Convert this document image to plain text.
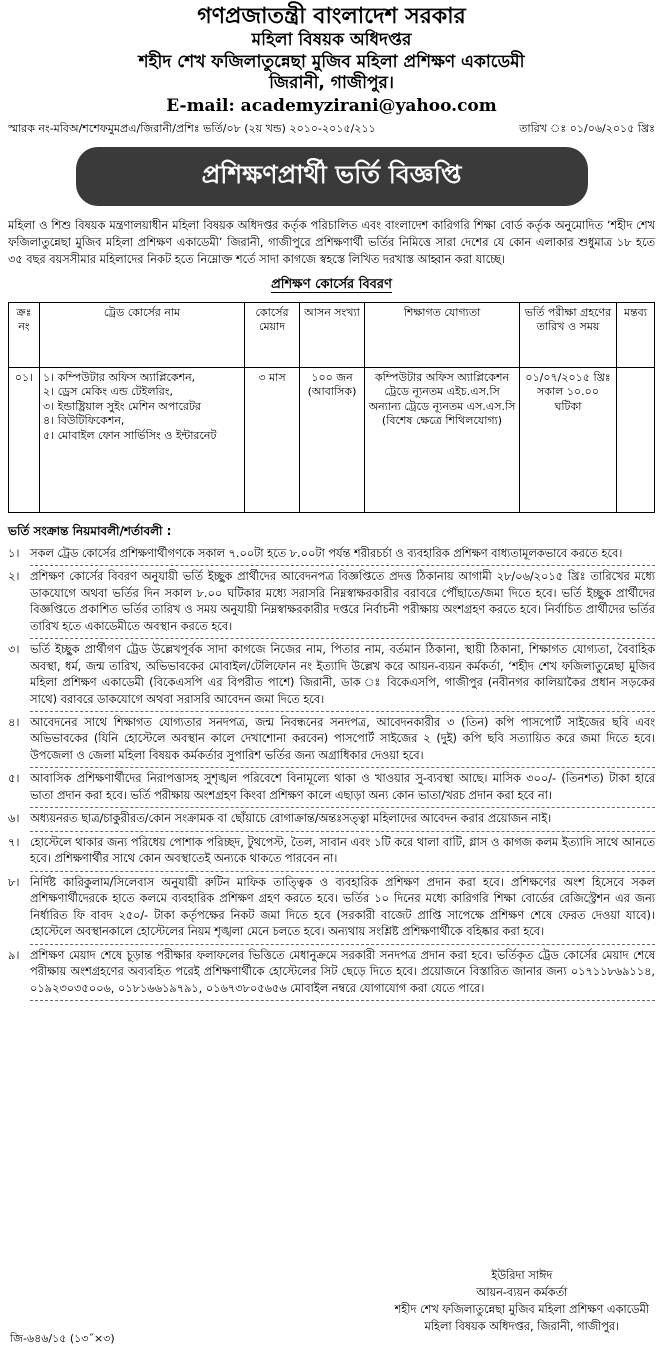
গণপ্রজাতন্ত্রী বাংলাদেশ সরকার
মহিলা বিষয়ক অধিদপ্তর
শহীদ শেখ ফজিলাতুন্নেছা মুজিব মহিলা প্রশিক্ষণ একাডেমী
জিরানী, গাজীপুর।
E-mail: academyzirani@yahoo.com
স্মারক নং-মবিঅ/শশেফমুমপ্রএ/জিরানী/প্রশিঃ ভর্তি/০৮ (২য় খন্ড) ২০১০-২০১৫/২১১	তারিখ ঃ ০১/০৬/২০১৫ খ্রিঃ
প্রশিক্ষণপ্রার্থী ভর্তি বিজ্ঞপ্তি
মহিলা ও শিশু বিষয়ক মন্ত্রণালয়াধীন মহিলা বিষয়ক অধিদপ্তর কর্তৃক পরিচালিত এবং বাংলাদেশ কারিগরি শিক্ষা বোর্ড কর্তৃক অনুমোদিত ‘শহীদ শেখ ফজিলাতুন্নেছা মুজিব মহিলা প্রশিক্ষণ একাডেমী’ জিরানী, গাজীপুরে প্রশিক্ষণার্থী ভর্তির নিমিত্তে সারা দেশের যে কোন এলাকার শুধুমাত্র ১৮ হতে ৩৫ বছর বয়সসীমার মহিলাদের নিকট হতে নিম্নোক্ত শর্তে সাদা কাগজে স্বহস্তে লিখিত দরখাস্ত আহ্বান করা যাচ্ছে।
প্রশিক্ষণ কোর্সের বিবরণ
ক্রঃ নং	ট্রেড কোর্সের নাম	কোর্সের মেয়াদ	আসন সংখ্যা	শিক্ষাগত যোগ্যতা	ভর্তি পরীক্ষা গ্রহণের তারিখ ও সময়	মন্তব্য
০১।	১। কম্পিউটার অফিস অ্যাপ্লিকেশন,
২। ড্রেস মেকিং এন্ড টেইলরিং,
৩। ইন্ডাষ্ট্রিয়াল সুইং মেশিন অপারেটর
৪। বিউটিফিকেশন,
৫। মোবাইল ফোন সার্ভিসিং ও ইন্টারনেট	৩ মাস	১০০ জন (আবাসিক)	কম্পিউটার অফিস অ্যাপ্লিকেশন ট্রেডে ন্যূনতম এইচ.এস.সি অন্যান্য ট্রেডে ন্যূনতম এস.এস.সি (বিশেষ ক্ষেত্রে শিথিলযোগ্য)	০১/০৭/২০১৫ খ্রিঃ সকাল ১০.০০ ঘটিকা	
ভর্তি সংক্রান্ত নিয়মাবলী/শর্তাবলী :
১। সকল ট্রেড কোর্সের প্রশিক্ষণার্থীগণকে সকাল ৭.০০টা হতে ৮.০০টা পর্যন্ত শরীরচর্চা ও ব্যবহারিক প্রশিক্ষণ বাধ্যতামূলকভাবে করতে হবে।
২। প্রশিক্ষণ কোর্সের বিবরণ অনুযায়ী ভর্তি ইচ্ছুক প্রার্থীদের আবেদনপত্র বিজ্ঞপ্তিতে প্রদত্ত ঠিকানায় আগামী ২৮/০৬/২০১৫ খ্রিঃ তারিখের মধ্যে ডাকযোগে অথবা ভর্তির দিন সকাল ৮.০০ ঘটিকার মধ্যে সরাসরি নিম্নস্বাক্ষরকারীর বরাবরে পৌঁছাতে/জমা দিতে হবে। ভর্তি ইচ্ছুক প্রার্থীদের বিজ্ঞপ্তিতে প্রকাশিত ভর্তির তারিখ ও সময় অনুযায়ী নিম্নস্বাক্ষরকারীর দপ্তরে নির্বাচনী পরীক্ষায় অংশগ্রহণ করতে হবে। নির্বাচিত প্রার্থীদের ভর্তির তারিখ হতে একাডেমীতে অবস্থান করতে হবে।
৩। ভর্তি ইচ্ছুক প্রার্থীগণ ট্রেড উল্লেখপূর্বক সাদা কাগজে নিজের নাম, পিতার নাম, বর্তমান ঠিকানা, স্থায়ী ঠিকানা, শিক্ষাগত যোগ্যতা, বৈবাহিক অবস্থা, ধর্ম, জন্ম তারিখ, অভিভাবকের মোবাইল/টেলিফোন নং ইত্যাদি উল্লেখ করে আয়ন-ব্যয়ন কর্মকর্তা, ‘শহীদ শেখ ফজিলাতুন্নেছা মুজিব মহিলা প্রশিক্ষণ একাডেমী (বিকেএসপি এর বিপরীত পাশে) জিরানী, ডাক ঃ বিকেএসপি, গাজীপুর (নবীনগর কালিয়াকৈর প্রধান সড়কের সাথে) বরাবরে ডাকযোগে অথবা সরাসরি আবেদন জমা দিতে হবে।
৪। আবেদনের সাথে শিক্ষাগত যোগ্যতার সনদপত্র, জন্ম নিবন্ধনের সনদপত্র, আবেদনকারীর ৩ (তিন) কপি পাসপোর্ট সাইজের ছবি এবং অভিভাবকের (যিনি হোস্টেলে অবস্থান কালে দেখাশোনা করবেন) পাসপোর্ট সাইজের ২ (দুই) কপি ছবি সত্যায়িত করে জমা দিতে হবে। উপজেলা ও জেলা মহিলা বিষয়ক কর্মকর্তার সুপারিশ ভর্তির জন্য অগ্রাধিকার দেওয়া হবে।
৫। আবাসিক প্রশিক্ষণার্থীদের নিরাপত্তাসহ সুশৃঙ্খল পরিবেশে বিনামূল্যে থাকা ও খাওয়ার সু-ব্যবস্থা আছে। মাসিক ৩০০/- (তিনশত) টাকা হারে ভাতা প্রদান করা হবে। ভর্তি পরীক্ষায় অংশগ্রহণ কিংবা প্রশিক্ষণ কালে এছাড়া অন্য কোন ভাতা/খরচ প্রদান করা হবে না।
৬। অধ্যয়নরত ছাত্র/চাকুরীরত/কোন সংক্রামক বা ছোঁয়াচে রোগাক্রান্ত/অন্তঃসত্ত্বা মহিলাদের আবেদন করার প্রয়োজন নাই।
৭। হোস্টেলে থাকার জন্য পরিধেয় পোশাক পরিচ্ছদ, টুথপেস্ট, তৈল, সাবান এবং ১টি করে থালা বাটি, গ্লাস ও কাগজ কলম ইত্যাদি সাথে আনতে হবে। প্রশিক্ষণার্থীর সাথে কোন অবস্থাতেই অন্যকে থাকতে পারবেন না।
৮। নির্দিষ্ট কারিকুলাম/সিলেবাস অনুযায়ী রুটিন মাফিক তাত্ত্বিক ও ব্যবহারিক প্রশিক্ষণ প্রদান করা হবে। প্রশিক্ষণের অংশ হিসেবে সকল প্রশিক্ষণার্থীদেরকে হাতে কলমে ব্যবহারিক প্রশিক্ষণ গ্রহণ করতে হবে। ভর্তির ১০ দিনের মধ্যে কারিগরি শিক্ষা বোর্ডের রেজিস্ট্রেশন এর জন্য নির্ধারিত ফি বাবদ ২৫০/- টাকা কর্তৃপক্ষের নিকট জমা দিতে হবে (সরকারী বাজেট প্রাপ্তি সাপেক্ষে প্রশিক্ষণ শেষে ফেরত দেওয়া যাবে)। হোস্টেলে অবস্থানকালে হোস্টেলের নিয়ম শৃঙ্খলা মেনে চলতে হবে। অন্যথায় সংশ্লিষ্ট প্রশিক্ষণার্থীকে বহিষ্কার করা হবে।
৯। প্রশিক্ষণ মেয়াদ শেষে চূড়ান্ত পরীক্ষার ফলাফলের ভিত্তিতে মেধানুক্রমে সরকারী সনদপত্র প্রদান করা হবে। ভর্তিকৃত ট্রেড কোর্সের মেয়াদ শেষে পরীক্ষায় অংশগ্রহণের অব্যবহিত পরেই প্রশিক্ষণার্থীকে হোস্টেলের সিট ছেড়ে দিতে হবে। প্রয়োজনে বিস্তারিত জানার জন্য ০১৭১১৮৬৯১১৪, ০১৯২৩০৩৫০০৬, ০১৮১৬৬১৯৭৯১, ০১৬৭৩৮০৫৬৫৬ মোবাইল নম্বরে যোগাযোগ করা যেতে পারে।
ইউরিদা সাঈদ
আয়ন-ব্যয়ন কর্মকর্তা
শহীদ শেখ ফজিলাতুন্নেছা মুজিব মহিলা প্রশিক্ষণ একাডেমী
মহিলা বিষয়ক অধিদপ্তর, জিরানী, গাজীপুর।
জি-৬৪৬/১৫ (১৩˝×৩)
